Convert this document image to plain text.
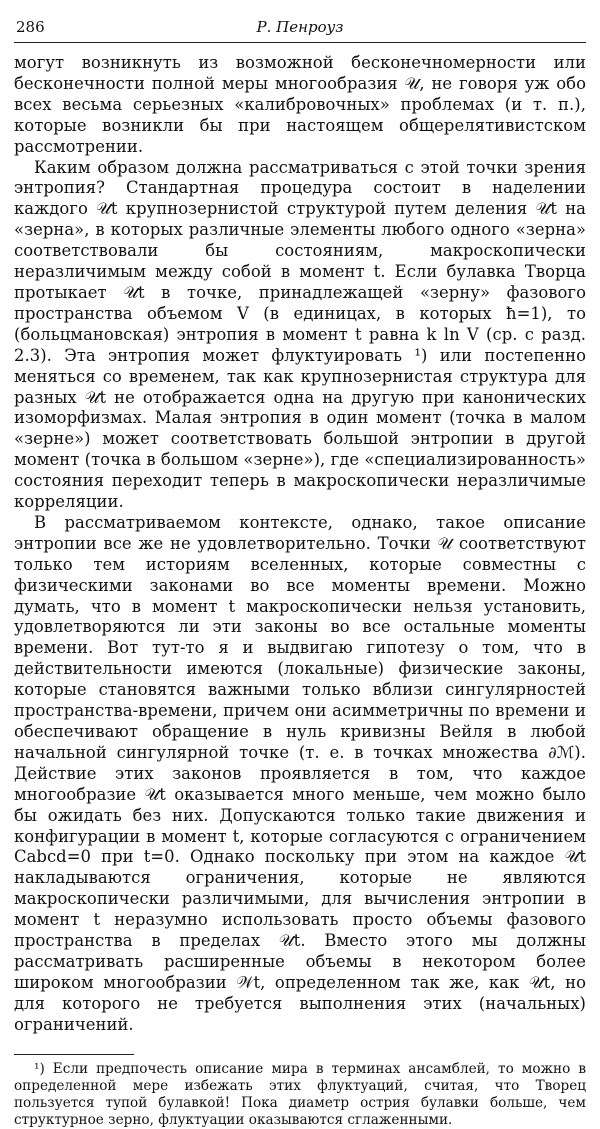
286	Р. Пенроуз

могут возникнуть из возможной бесконечномерности или бесконечности полной меры многообразия 𝒰, не говоря уж обо всех весьма серьезных «калибровочных» проблемах (и т. п.), которые возникли бы при настоящем общерелятивистском рассмотрении.

Каким образом должна рассматриваться с этой точки зрения энтропия? Стандартная процедура состоит в наделении каждого 𝒰t крупнозернистой структурой путем деления 𝒰t на «зерна», в которых различные элементы любого одного «зерна» соответствовали бы состояниям, макроскопически неразличимым между собой в момент t. Если булавка Творца протыкает 𝒰t в точке, принадлежащей «зерну» фазового пространства объемом V (в единицах, в которых ħ=1), то (больцмановская) энтропия в момент t равна k ln V (ср. с разд. 2.3). Эта энтропия может флуктуировать ¹) или постепенно меняться со временем, так как крупнозернистая структура для разных 𝒰t не отображается одна на другую при канонических изоморфизмах. Малая энтропия в один момент (точка в малом «зерне») может соответствовать большой энтропии в другой момент (точка в большом «зерне»), где «специализированность» состояния переходит теперь в макроскопически неразличимые корреляции.

В рассматриваемом контексте, однако, такое описание энтропии все же не удовлетворительно. Точки 𝒰 соответствуют только тем историям вселенных, которые совместны с физическими законами во все моменты времени. Можно думать, что в момент t макроскопически нельзя установить, удовлетворяются ли эти законы во все остальные моменты времени. Вот тут-то я и выдвигаю гипотезу о том, что в действительности имеются (локальные) физические законы, которые становятся важными только вблизи сингулярностей пространства-времени, причем они асимметричны по времени и обеспечивают обращение в нуль кривизны Вейля в любой начальной сингулярной точке (т. е. в точках множества ∂ℳ). Действие этих законов проявляется в том, что каждое многообразие 𝒰t оказывается много меньше, чем можно было бы ожидать без них. Допускаются только такие движения и конфигурации в момент t, которые согласуются с ограничением Cabcd=0 при t=0. Однако поскольку при этом на каждое 𝒰t накладываются ограничения, которые не являются макроскопически различимыми, для вычисления энтропии в момент t неразумно использовать просто объемы фазового пространства в пределах 𝒰t. Вместо этого мы должны рассматривать расширенные объемы в некотором более широком многообразии 𝒲t, определенном так же, как 𝒰t, но для которого не требуется выполнения этих (начальных) ограничений.

¹) Если предпочесть описание мира в терминах ансамблей, то можно в определенной мере избежать этих флуктуаций, считая, что Творец пользуется тупой булавкой! Пока диаметр острия булавки больше, чем структурное зерно, флуктуации оказываются сглаженными.
